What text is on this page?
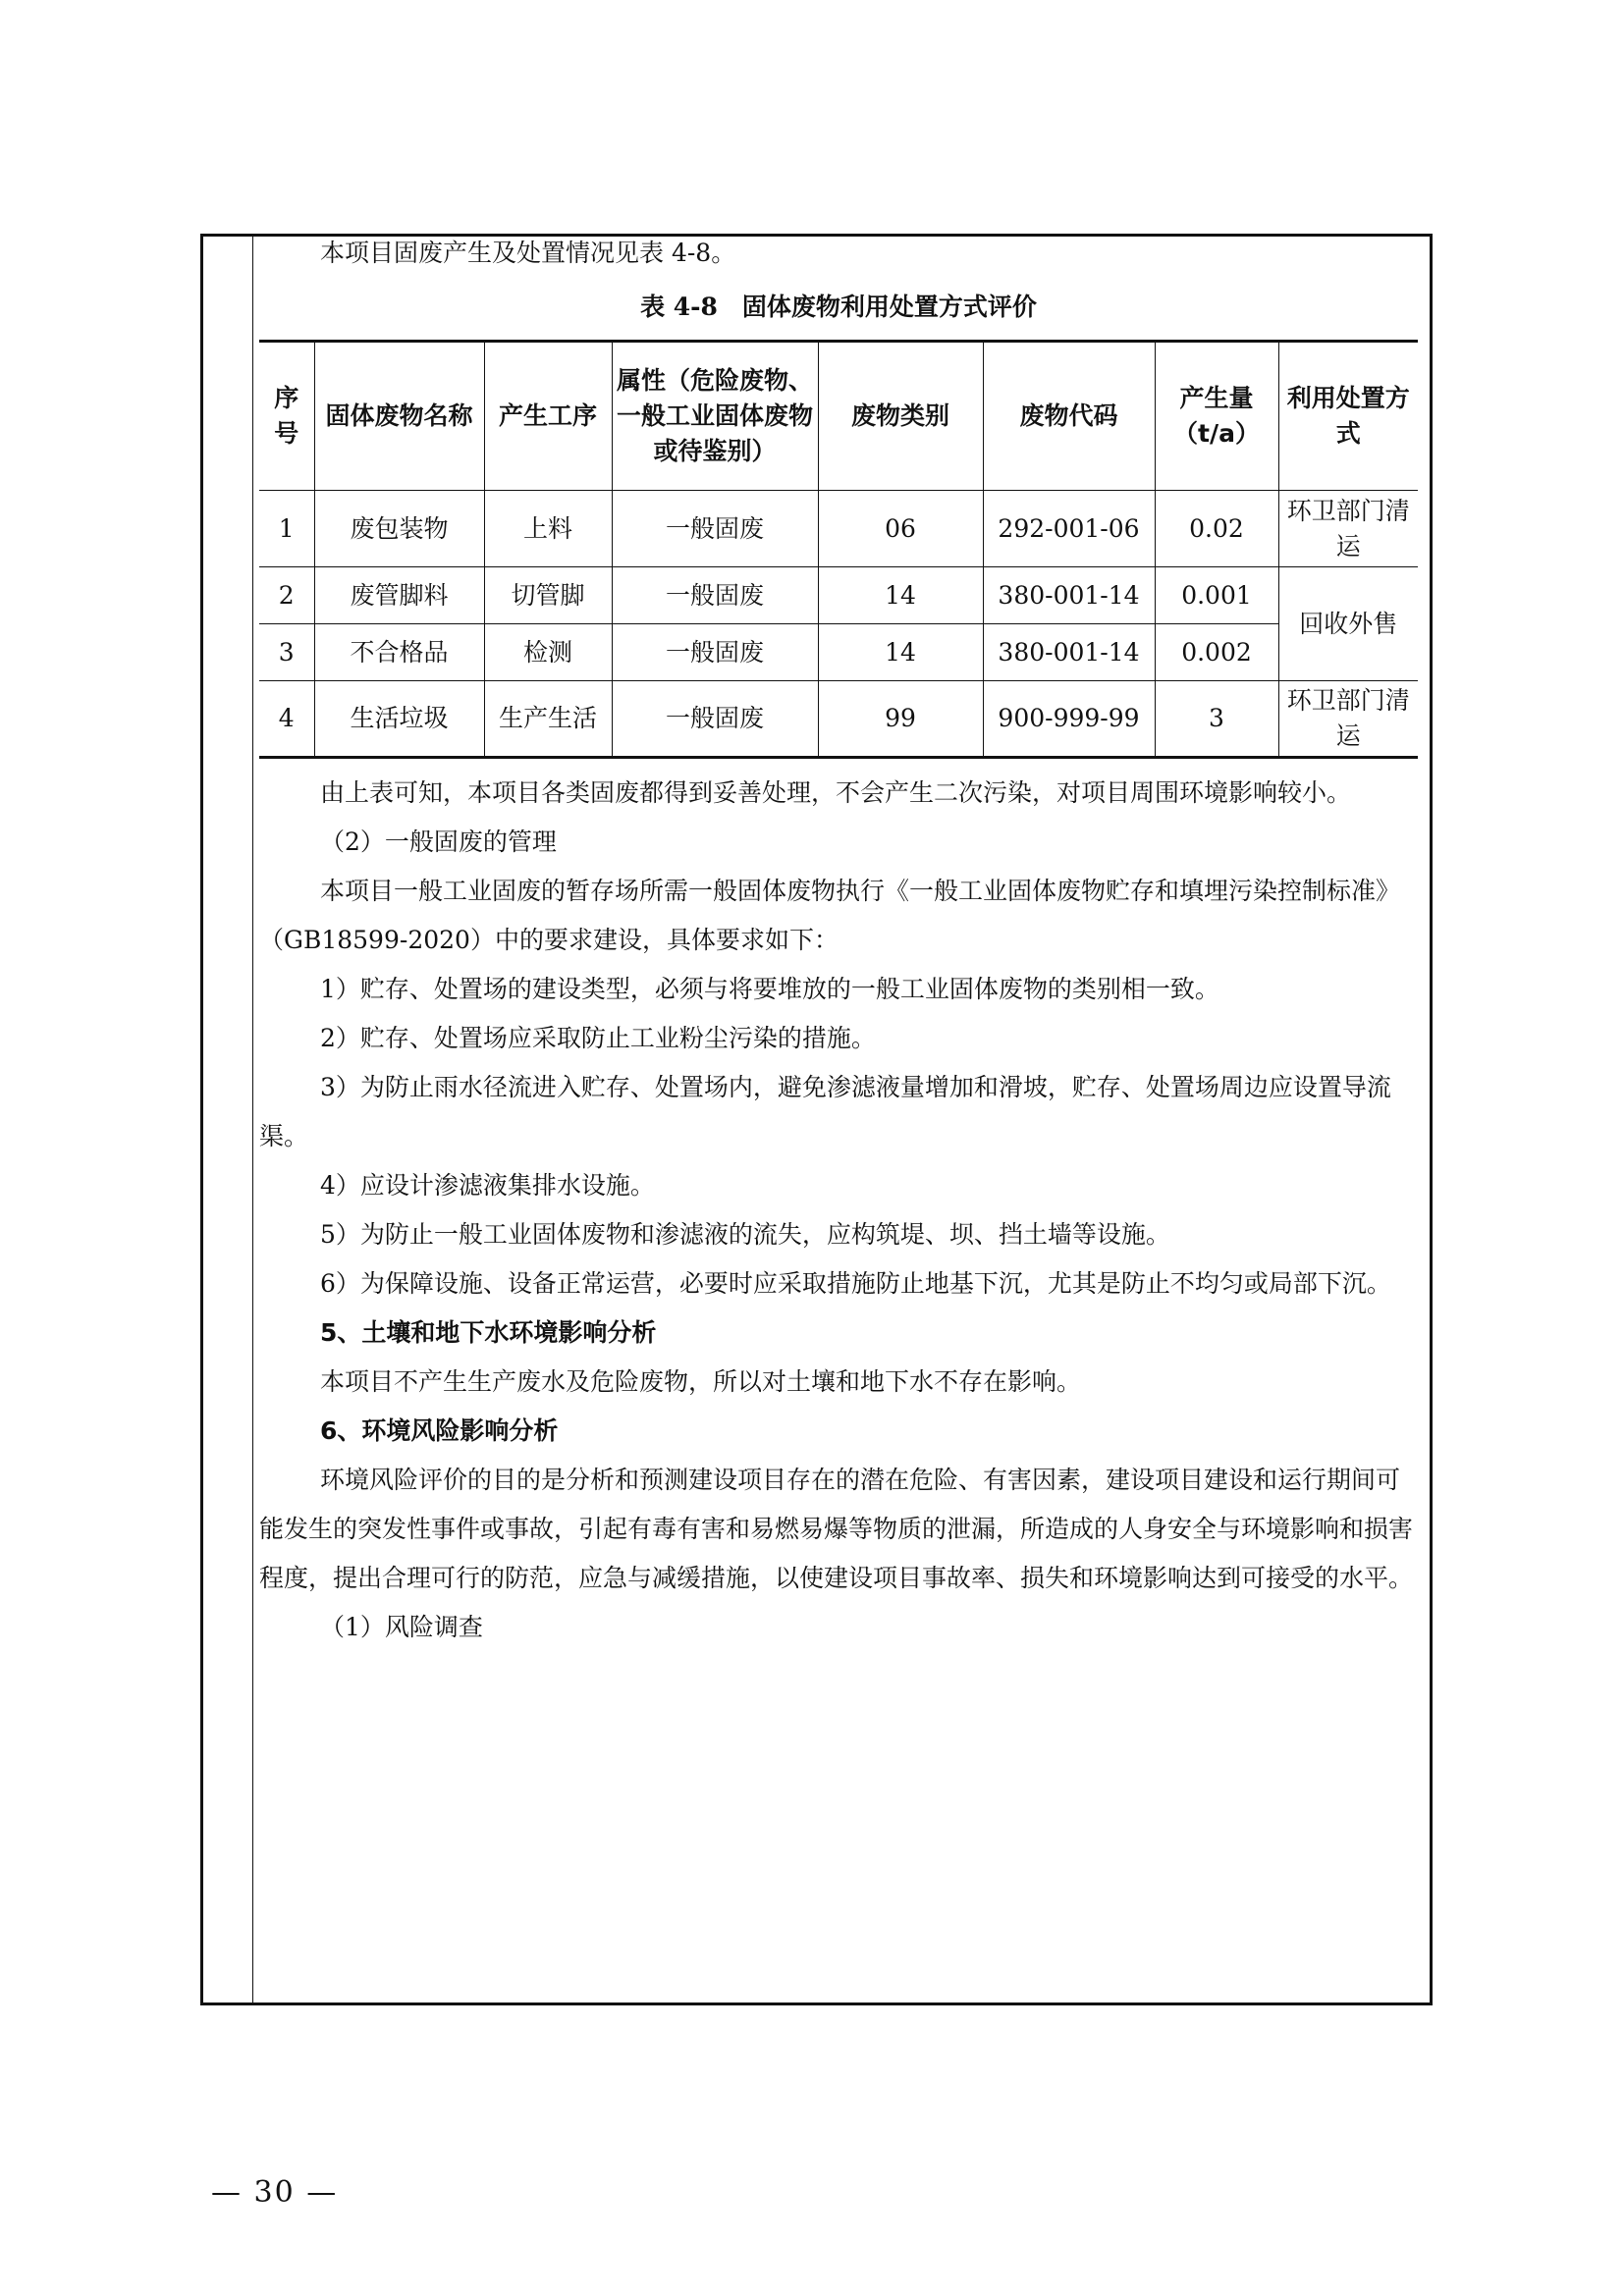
本项目固废产生及处置情况见表 4-8。

表 4-8　固体废物利用处置方式评价
序号	固体废物名称	产生工序	属性（危险废物、一般工业固体废物或待鉴别）	废物类别	废物代码	产生量（t/a）	利用处置方式
1	废包装物	上料	一般固废	06	292-001-06	0.02	环卫部门清运
2	废管脚料	切管脚	一般固废	14	380-001-14	0.001	回收外售
3	不合格品	检测	一般固废	14	380-001-14	0.002	
4	生活垃圾	生产生活	一般固废	99	900-999-99	3	环卫部门清运

由上表可知，本项目各类固废都得到妥善处理，不会产生二次污染，对项目周围环境影响较小。

（2）一般固废的管理

本项目一般工业固废的暂存场所需一般固体废物执行《一般工业固体废物贮存和填埋污染控制标准》（GB18599-2020）中的要求建设，具体要求如下：

1）贮存、处置场的建设类型，必须与将要堆放的一般工业固体废物的类别相一致。

2）贮存、处置场应采取防止工业粉尘污染的措施。

3）为防止雨水径流进入贮存、处置场内，避免渗滤液量增加和滑坡，贮存、处置场周边应设置导流渠。

4）应设计渗滤液集排水设施。

5）为防止一般工业固体废物和渗滤液的流失，应构筑堤、坝、挡土墙等设施。

6）为保障设施、设备正常运营，必要时应采取措施防止地基下沉，尤其是防止不均匀或局部下沉。

5、土壤和地下水环境影响分析

本项目不产生生产废水及危险废物，所以对土壤和地下水不存在影响。

6、环境风险影响分析

环境风险评价的目的是分析和预测建设项目存在的潜在危险、有害因素，建设项目建设和运行期间可能发生的突发性事件或事故，引起有毒有害和易燃易爆等物质的泄漏，所造成的人身安全与环境影响和损害程度，提出合理可行的防范，应急与减缓措施，以使建设项目事故率、损失和环境影响达到可接受的水平。

（1）风险调查

— 30 —
